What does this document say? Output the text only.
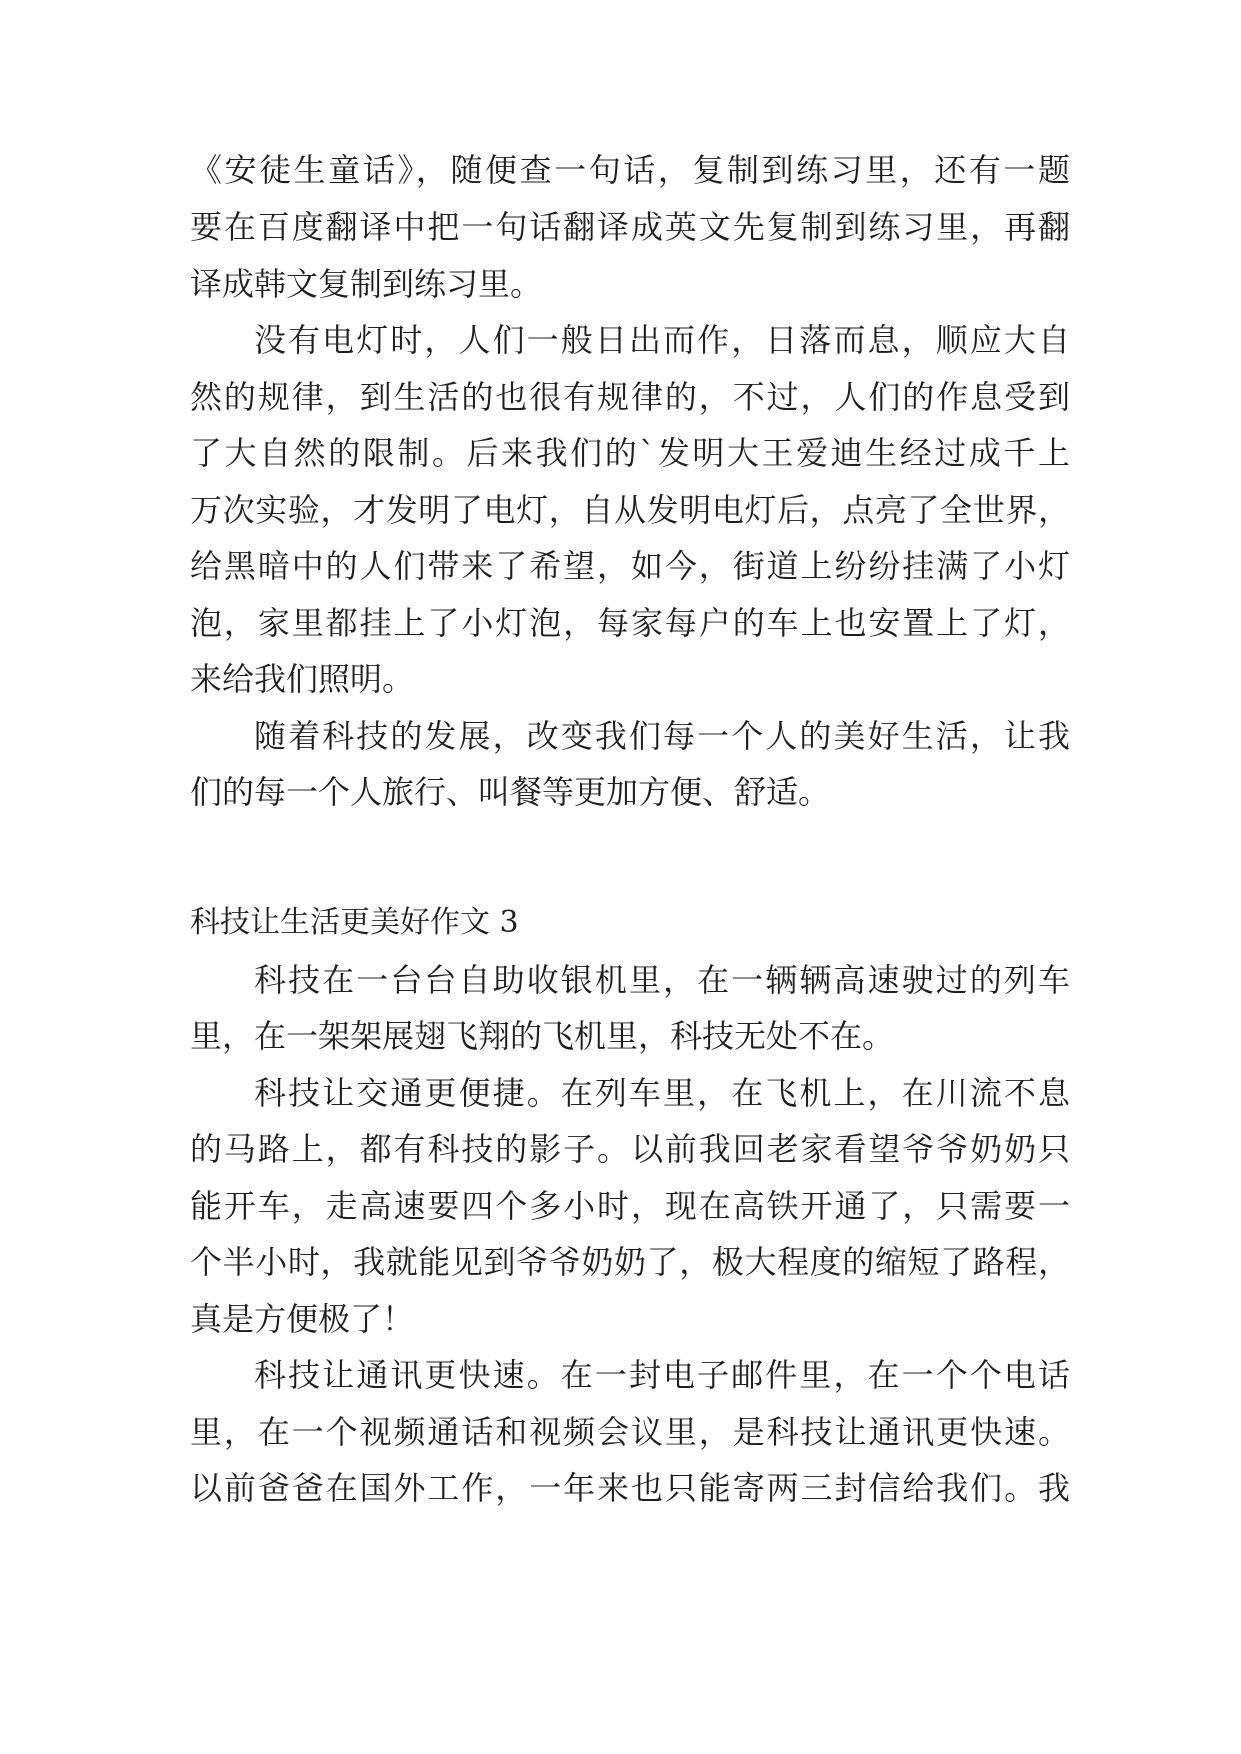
《安徒生童话》，随便查一句话，复制到练习里，还有一题
要在百度翻译中把一句话翻译成英文先复制到练习里，再翻
译成韩文复制到练习里。
没有电灯时，人们一般日出而作，日落而息，顺应大自
然的规律，到生活的也很有规律的，不过，人们的作息受到
了大自然的限制。后来我们的`发明大王爱迪生经过成千上
万次实验，才发明了电灯，自从发明电灯后，点亮了全世界，
给黑暗中的人们带来了希望，如今，街道上纷纷挂满了小灯
泡，家里都挂上了小灯泡，每家每户的车上也安置上了灯，
来给我们照明。
随着科技的发展，改变我们每一个人的美好生活，让我
们的每一个人旅行、叫餐等更加方便、舒适。
科技让生活更美好作文 3
科技在一台台自助收银机里，在一辆辆高速驶过的列车
里，在一架架展翅飞翔的飞机里，科技无处不在。
科技让交通更便捷。在列车里，在飞机上，在川流不息
的马路上，都有科技的影子。以前我回老家看望爷爷奶奶只
能开车，走高速要四个多小时，现在高铁开通了，只需要一
个半小时，我就能见到爷爷奶奶了，极大程度的缩短了路程，
真是方便极了！
科技让通讯更快速。在一封电子邮件里，在一个个电话
里，在一个视频通话和视频会议里，是科技让通讯更快速。
以前爸爸在国外工作，一年来也只能寄两三封信给我们。我
